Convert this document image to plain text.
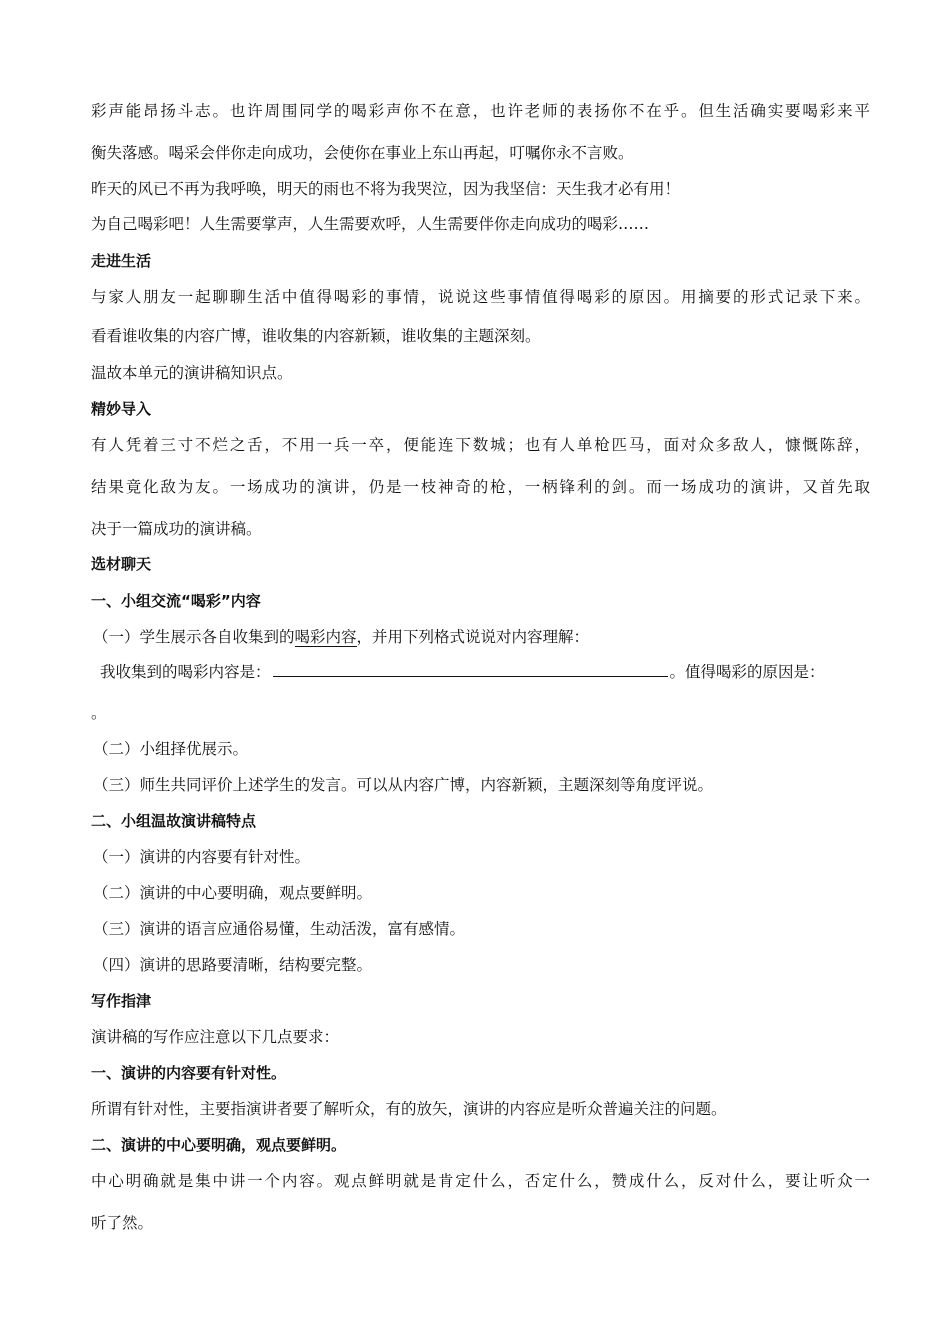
彩声能昂扬斗志。也许周围同学的喝彩声你不在意，也许老师的表扬你不在乎。但生活确实要喝彩来平
衡失落感。喝采会伴你走向成功，会使你在事业上东山再起，叮嘱你永不言败。
昨天的风已不再为我呼唤，明天的雨也不将为我哭泣，因为我坚信：天生我才必有用！
为自己喝彩吧！人生需要掌声，人生需要欢呼，人生需要伴你走向成功的喝彩……
走进生活
与家人朋友一起聊聊生活中值得喝彩的事情，说说这些事情值得喝彩的原因。用摘要的形式记录下来。
看看谁收集的内容广博，谁收集的内容新颖，谁收集的主题深刻。
温故本单元的演讲稿知识点。
精妙导入
有人凭着三寸不烂之舌，不用一兵一卒，便能连下数城；也有人单枪匹马，面对众多敌人，慷慨陈辞，
结果竟化敌为友。一场成功的演讲，仍是一枝神奇的枪，一柄锋利的剑。而一场成功的演讲，又首先取
决于一篇成功的演讲稿。
选材聊天
一、小组交流“喝彩”内容
（一）学生展示各自收集到的喝彩内容，并用下列格式说说对内容理解：
我收集到的喝彩内容是：	。值得喝彩的原因是：
。
（二）小组择优展示。
（三）师生共同评价上述学生的发言。可以从内容广博，内容新颖，主题深刻等角度评说。
二、小组温故演讲稿特点
（一）演讲的内容要有针对性。
（二）演讲的中心要明确，观点要鲜明。
（三）演讲的语言应通俗易懂，生动活泼，富有感情。
（四）演讲的思路要清晰，结构要完整。
写作指津
演讲稿的写作应注意以下几点要求：
一、演讲的内容要有针对性。
所谓有针对性，主要指演讲者要了解听众，有的放矢，演讲的内容应是听众普遍关注的问题。
二、演讲的中心要明确，观点要鲜明。
中心明确就是集中讲一个内容。观点鲜明就是肯定什么，否定什么，赞成什么，反对什么，要让听众一
听了然。
